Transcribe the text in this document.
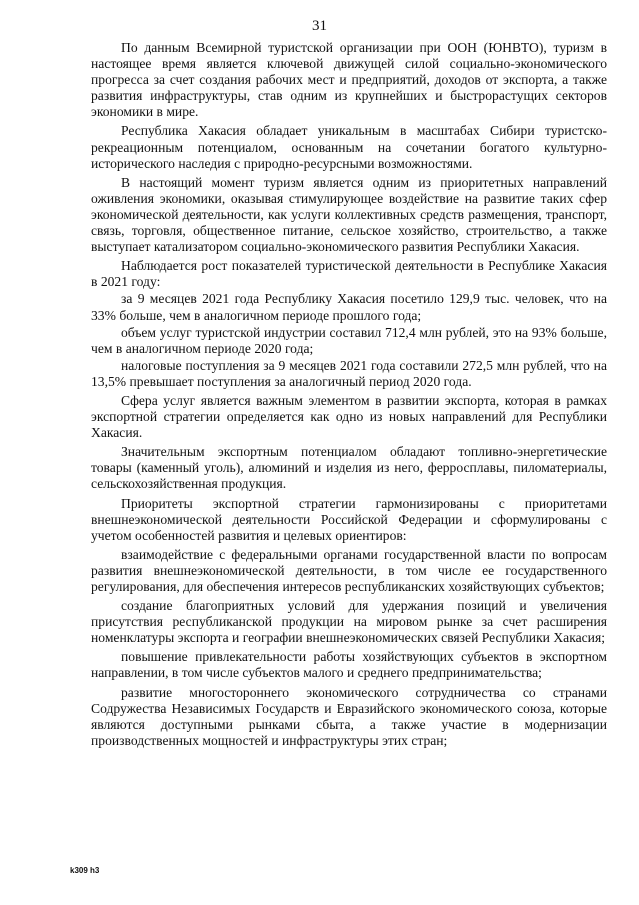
31

По данным Всемирной туристской организации при ООН (ЮНВТО), туризм в настоящее время является ключевой движущей силой социально-экономического прогресса за счет создания рабочих мест и предприятий, доходов от экспорта, а также развития инфраструктуры, став одним из крупнейших и быстрорастущих секторов экономики в мире.

Республика Хакасия обладает уникальным в масштабах Сибири туристско-рекреационным потенциалом, основанным на сочетании богатого культурно-исторического наследия с природно-ресурсными возможностями.

В настоящий момент туризм является одним из приоритетных направлений оживления экономики, оказывая стимулирующее воздействие на развитие таких сфер экономической деятельности, как услуги коллективных средств размещения, транспорт, связь, торговля, общественное питание, сельское хозяйство, строительство, а также выступает катализатором социально-экономического развития Республики Хакасия.

Наблюдается рост показателей туристической деятельности в Республике Хакасия в 2021 году:

за 9 месяцев 2021 года Республику Хакасия посетило 129,9 тыс. человек, что на 33% больше, чем в аналогичном периоде прошлого года;

объем услуг туристской индустрии составил 712,4 млн рублей, это на 93% больше, чем в аналогичном периоде 2020 года;

налоговые поступления за 9 месяцев 2021 года составили 272,5 млн рублей, что на 13,5% превышает поступления за аналогичный период 2020 года.

Сфера услуг является важным элементом в развитии экспорта, которая в рамках экспортной стратегии определяется как одно из новых направлений для Республики Хакасия.

Значительным экспортным потенциалом обладают топливно-энергетические товары (каменный уголь), алюминий и изделия из него, ферросплавы, пиломатериалы, сельскохозяйственная продукция.

Приоритеты экспортной стратегии гармонизированы с приоритетами внешнеэкономической деятельности Российской Федерации и сформулированы с учетом особенностей развития и целевых ориентиров:

взаимодействие с федеральными органами государственной власти по вопросам развития внешнеэкономической деятельности, в том числе ее государственного регулирования, для обеспечения интересов республиканских хозяйствующих субъектов;

создание благоприятных условий для удержания позиций и увеличения присутствия республиканской продукции на мировом рынке за счет расширения номенклатуры экспорта и географии внешнеэкономических связей Республики Хакасия;

повышение привлекательности работы хозяйствующих субъектов в экспортном направлении, в том числе субъектов малого и среднего предпринимательства;

развитие многостороннего экономического сотрудничества со странами Содружества Независимых Государств и Евразийского экономического союза, которые являются доступными рынками сбыта, а также участие в модернизации производственных мощностей и инфраструктуры этих стран;

k309 h3
